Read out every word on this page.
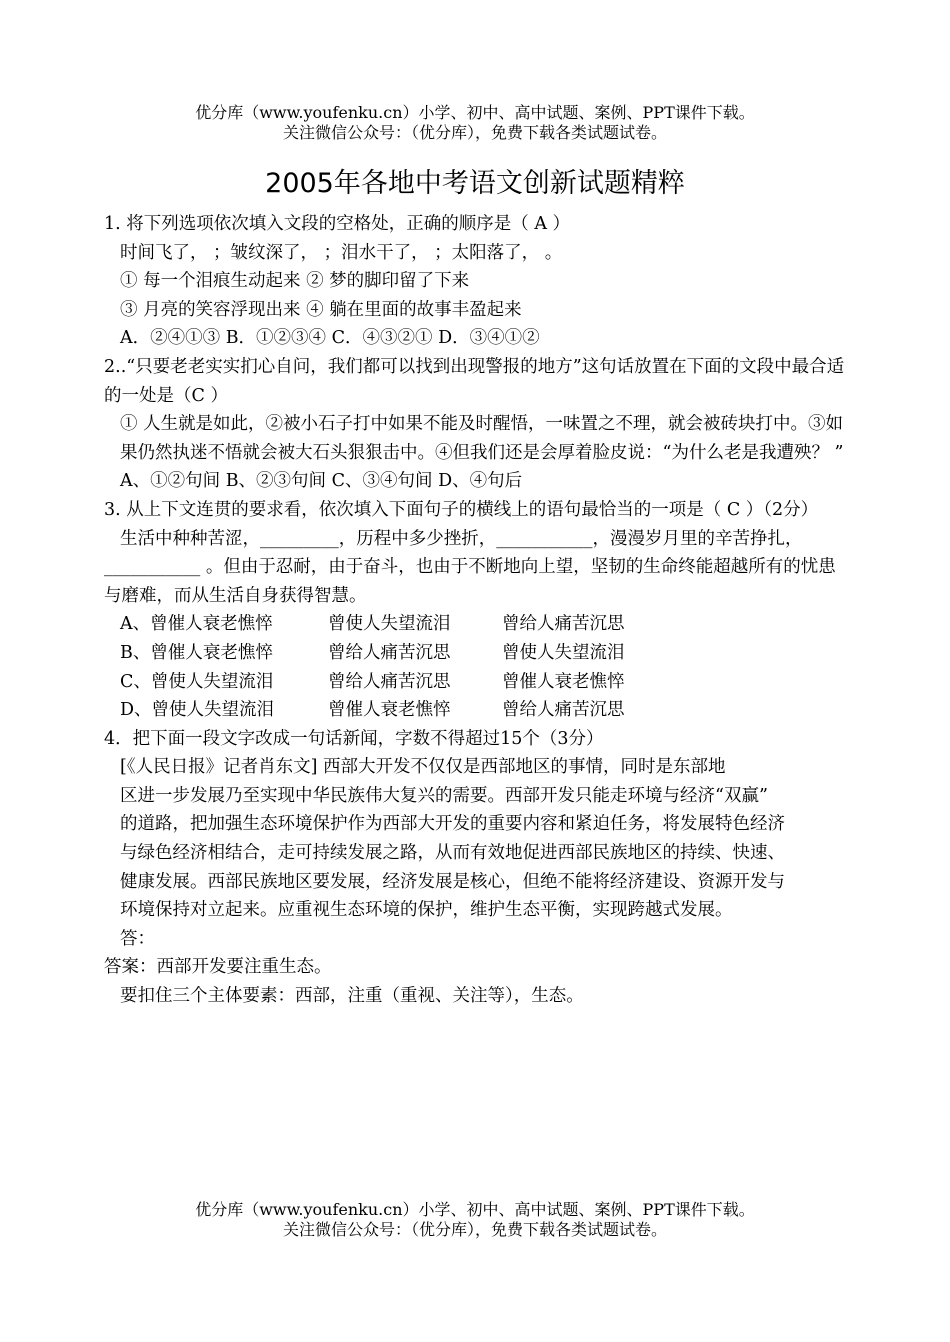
优分库（www.youfenku.cn）小学、初中、高中试题、案例、PPT课件下载。
关注微信公众号：（优分库），免费下载各类试题试卷。
2005年各地中考语文创新试题精粹

1. 将下列选项依次填入文段的空格处，正确的顺序是（ A ）

时间飞了， ；皱纹深了， ；泪水干了， ；太阳落了， 。

① 每一个泪痕生动起来 ② 梦的脚印留了下来

③ 月亮的笑容浮现出来 ④ 躺在里面的故事丰盈起来

A．②④①③ B．①②③④ C．④③②① D．③④①②

2..“只要老老实实扪心自问，我们都可以找到出现警报的地方”这句话放置在下面的文段中最合适的一处是（C ）

① 人生就是如此，②被小石子打中如果不能及时醒悟，一味置之不理，就会被砖块打中。③如果仍然执迷不悟就会被大石头狠狠击中。④但我们还是会厚着脸皮说：“为什么老是我遭殃？ ”

A、①②句间 B、②③句间 C、③④句间 D、④句后

3. 从上下文连贯的要求看，依次填入下面句子的横线上的语句最恰当的一项是（ C ）（2分）

生活中种种苦涩，_________，历程中多少挫折，___________，漫漫岁月里的辛苦挣扎，___________ 。但由于忍耐，由于奋斗，也由于不断地向上望，坚韧的生命终能超越所有的忧患与磨难，而从生活自身获得智慧。

A、曾催人衰老憔悴	曾使人失望流泪	曾给人痛苦沉思

B、曾催人衰老憔悴	曾给人痛苦沉思	曾使人失望流泪

C、曾使人失望流泪	曾给人痛苦沉思	曾催人衰老憔悴

D、曾使人失望流泪	曾催人衰老憔悴	曾给人痛苦沉思

4．把下面一段文字改成一句话新闻，字数不得超过15个（3分）

[《人民日报》记者肖东文] 西部大开发不仅仅是西部地区的事情，同时是东部地

区进一步发展乃至实现中华民族伟大复兴的需要。西部开发只能走环境与经济“双赢”

的道路，把加强生态环境保护作为西部大开发的重要内容和紧迫任务，将发展特色经济

与绿色经济相结合，走可持续发展之路，从而有效地促进西部民族地区的持续、快速、

健康发展。西部民族地区要发展，经济发展是核心，但绝不能将经济建设、资源开发与

环境保持对立起来。应重视生态环境的保护，维护生态平衡，实现跨越式发展。

答：

答案：西部开发要注重生态。

要扣住三个主体要素：西部，注重（重视、关注等），生态。

优分库（www.youfenku.cn）小学、初中、高中试题、案例、PPT课件下载。
关注微信公众号：（优分库），免费下载各类试题试卷。
